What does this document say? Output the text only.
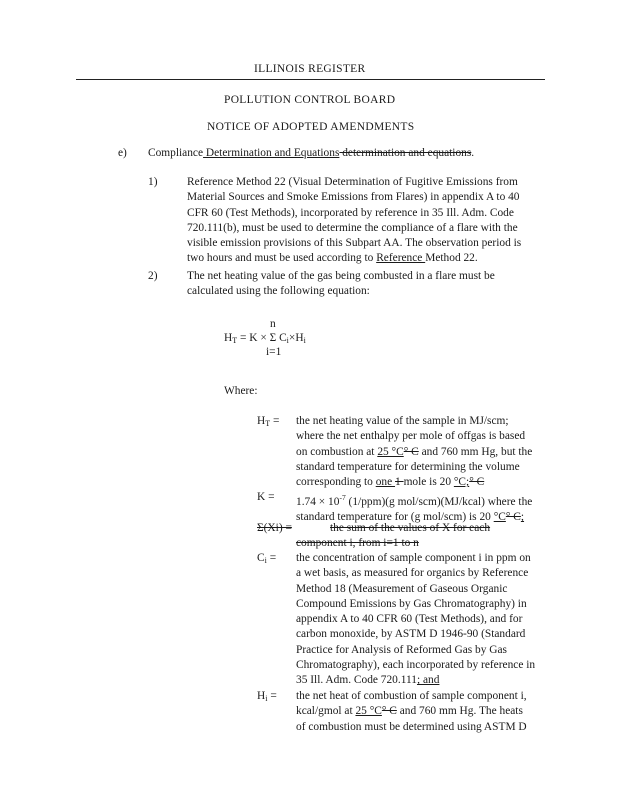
ILLINOIS REGISTER
POLLUTION CONTROL BOARD
NOTICE OF ADOPTED AMENDMENTS
e) Compliance Determination and Equations determination and equations.
1)	Reference Method 22 (Visual Determination of Fugitive Emissions from
Material Sources and Smoke Emissions from Flares) in appendix A to 40
CFR 60 (Test Methods), incorporated by reference in 35 Ill. Adm. Code
720.111(b), must be used to determine the compliance of a flare with the
visible emission provisions of this Subpart AA. The observation period is
two hours and must be used according to Reference Method 22.
2)	The net heating value of the gas being combusted in a flare must be
calculated using the following equation:
n
$H_T = K \times \Sigma$ $C_i\times H_i$
i=1
Where:
$H_T$ = the net heating value of the sample in MJ/scm;
where the net enthalpy per mole of offgas is based
on combustion at 25 °C° C and 760 mm Hg, but the
standard temperature for determining the volume
corresponding to one 1 mole is 20 °C;° C
$K = 1.74 \times 10^{-7}$ (1/ppm)(g mol/scm)(MJ/kcal) where the
standard temperature for (g mol/scm) is 20 °C° C;
Σ(Xi) =	the sum of the values of X for each
component i, from i=1 to n
$C_i$ = the concentration of sample component i in ppm on
a wet basis, as measured for organics by Reference
Method 18 (Measurement of Gaseous Organic
Compound Emissions by Gas Chromatography) in
appendix A to 40 CFR 60 (Test Methods), and for
carbon monoxide, by ASTM D 1946-90 (Standard
Practice for Analysis of Reformed Gas by Gas
Chromatography), each incorporated by reference in
35 Ill. Adm. Code 720.111; and
$H_i$ = the net heat of combustion of sample component i,
kcal/gmol at 25 °C° C and 760 mm Hg. The heats
of combustion must be determined using ASTM D
